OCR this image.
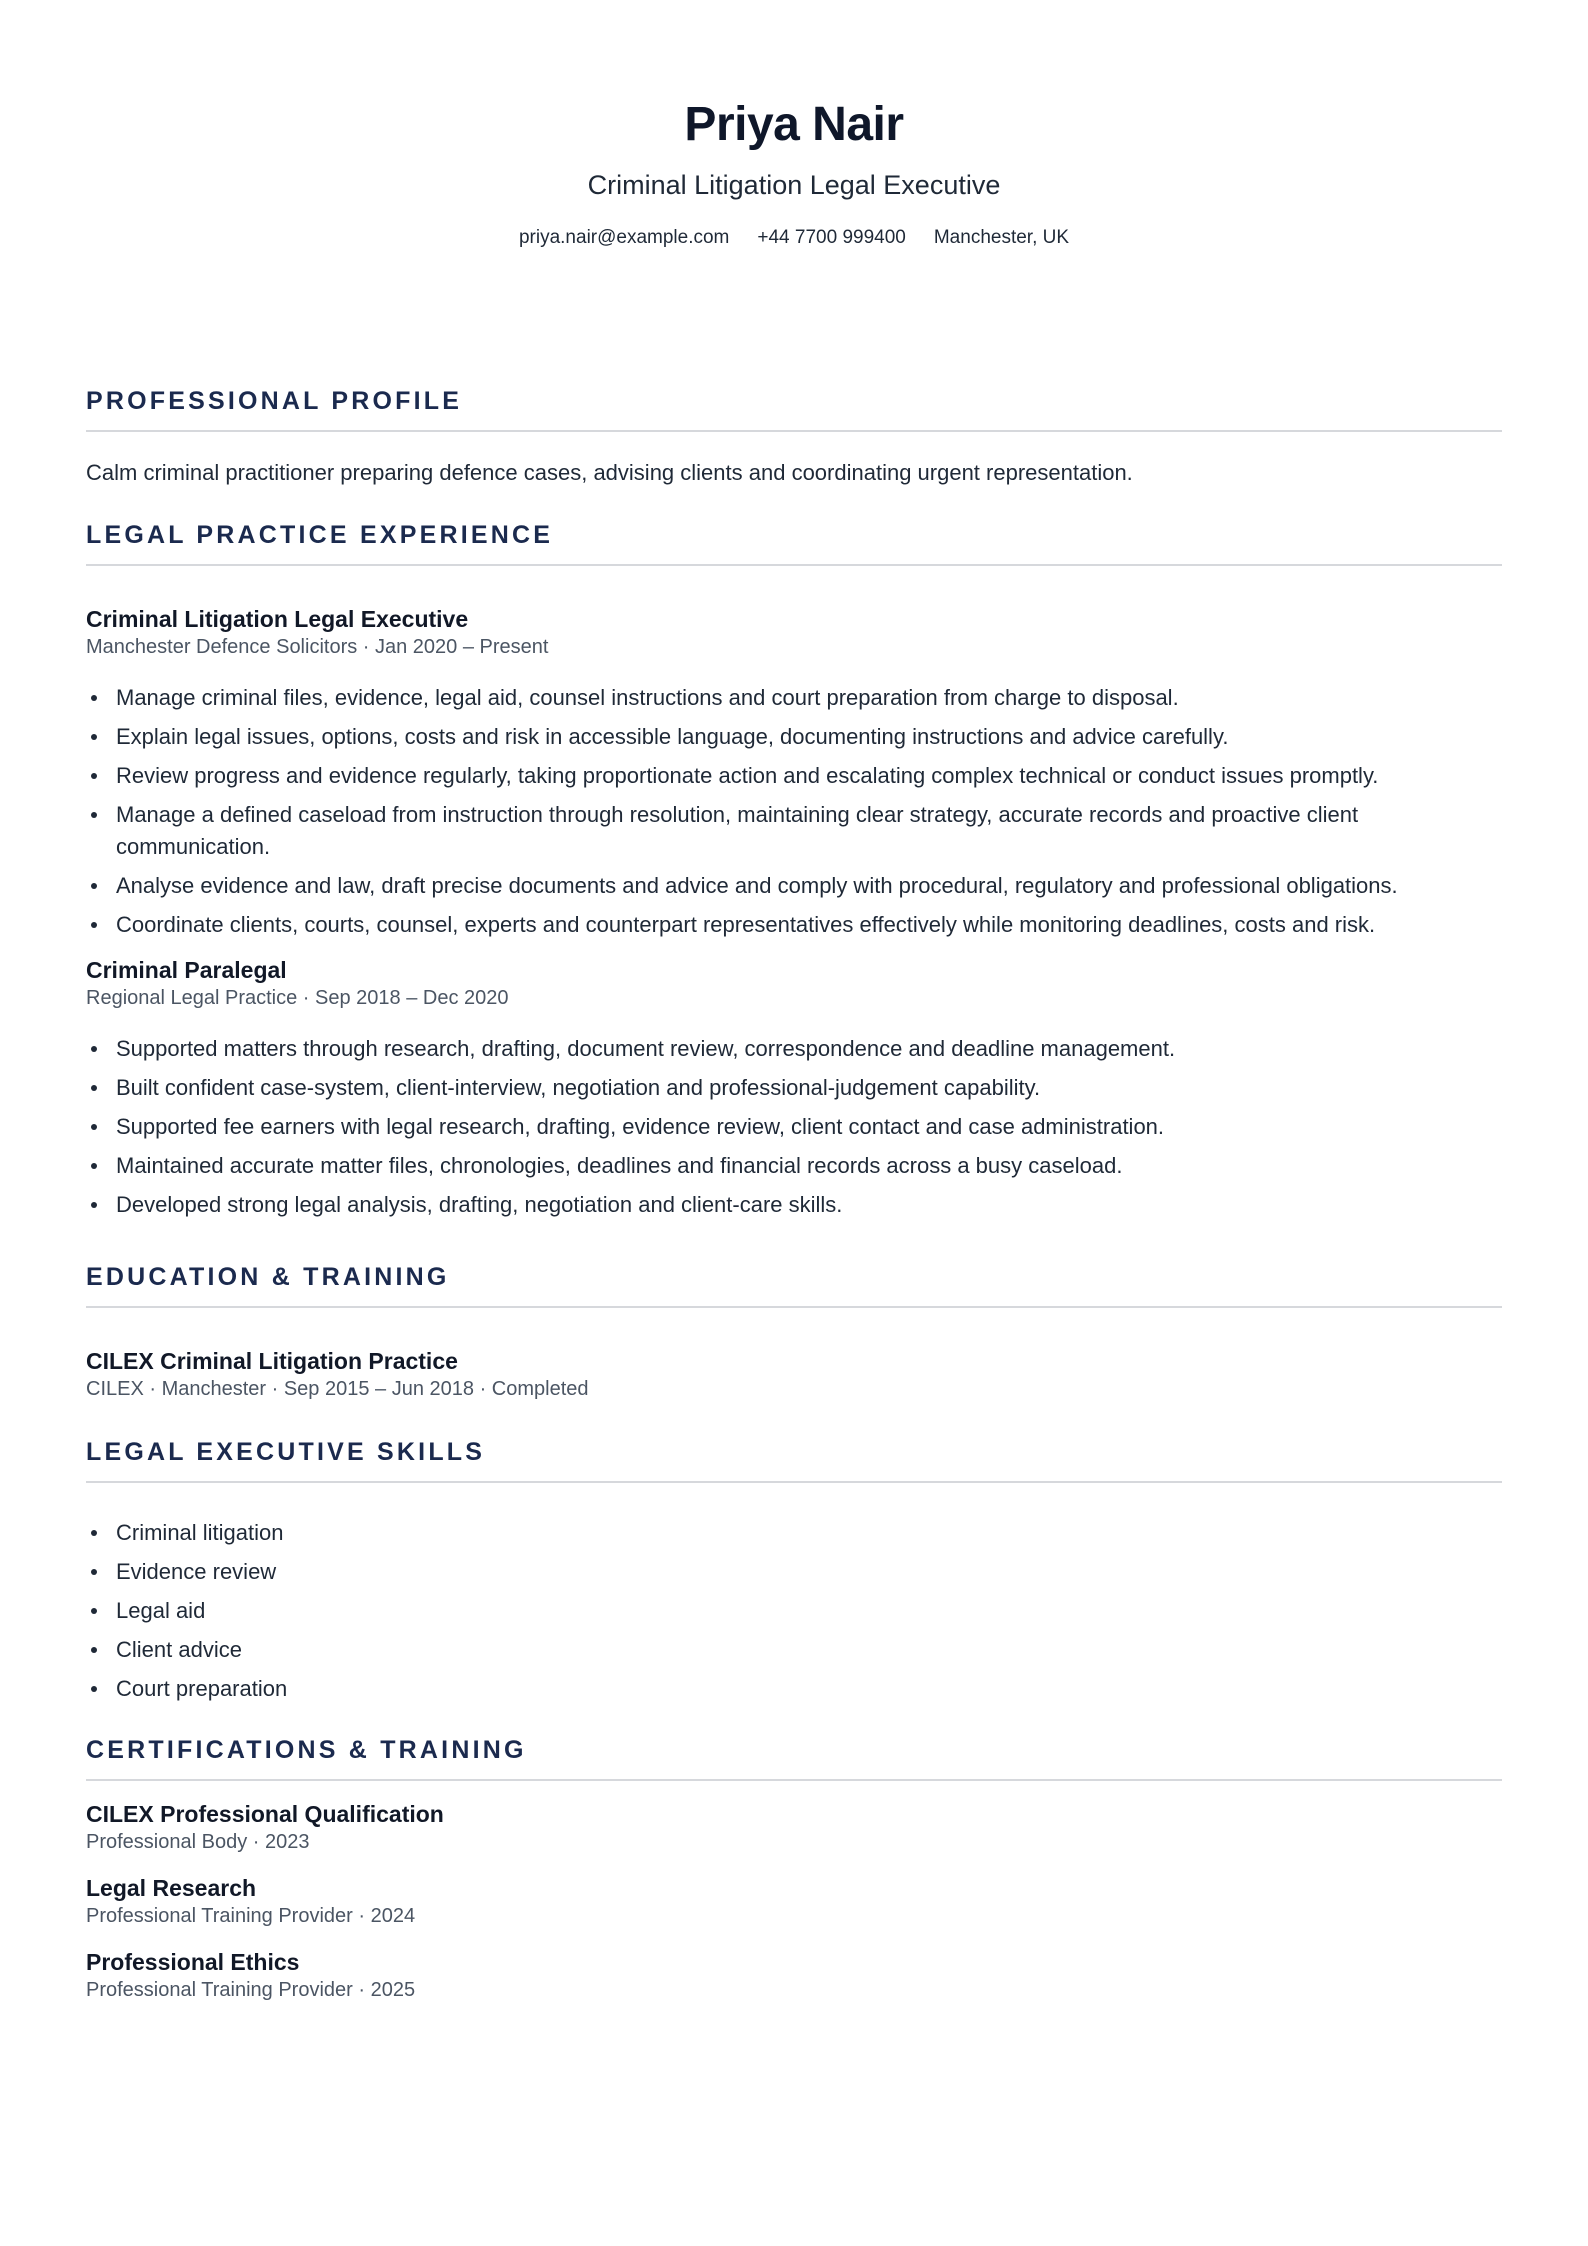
Priya Nair
Criminal Litigation Legal Executive
priya.nair@example.com +44 7700 999400 Manchester, UK
PROFESSIONAL PROFILE
Calm criminal practitioner preparing defence cases, advising clients and coordinating urgent representation.
LEGAL PRACTICE EXPERIENCE
Criminal Litigation Legal Executive
Manchester Defence Solicitors · Jan 2020 – Present
Manage criminal files, evidence, legal aid, counsel instructions and court preparation from charge to disposal.
Explain legal issues, options, costs and risk in accessible language, documenting instructions and advice carefully.
Review progress and evidence regularly, taking proportionate action and escalating complex technical or conduct issues promptly.
Manage a defined caseload from instruction through resolution, maintaining clear strategy, accurate records and proactive client communication.
Analyse evidence and law, draft precise documents and advice and comply with procedural, regulatory and professional obligations.
Coordinate clients, courts, counsel, experts and counterpart representatives effectively while monitoring deadlines, costs and risk.
Criminal Paralegal
Regional Legal Practice · Sep 2018 – Dec 2020
Supported matters through research, drafting, document review, correspondence and deadline management.
Built confident case-system, client-interview, negotiation and professional-judgement capability.
Supported fee earners with legal research, drafting, evidence review, client contact and case administration.
Maintained accurate matter files, chronologies, deadlines and financial records across a busy caseload.
Developed strong legal analysis, drafting, negotiation and client-care skills.
EDUCATION & TRAINING
CILEX Criminal Litigation Practice
CILEX · Manchester · Sep 2015 – Jun 2018 · Completed
LEGAL EXECUTIVE SKILLS
Criminal litigation
Evidence review
Legal aid
Client advice
Court preparation
CERTIFICATIONS & TRAINING
CILEX Professional Qualification
Professional Body · 2023
Legal Research
Professional Training Provider · 2024
Professional Ethics
Professional Training Provider · 2025
